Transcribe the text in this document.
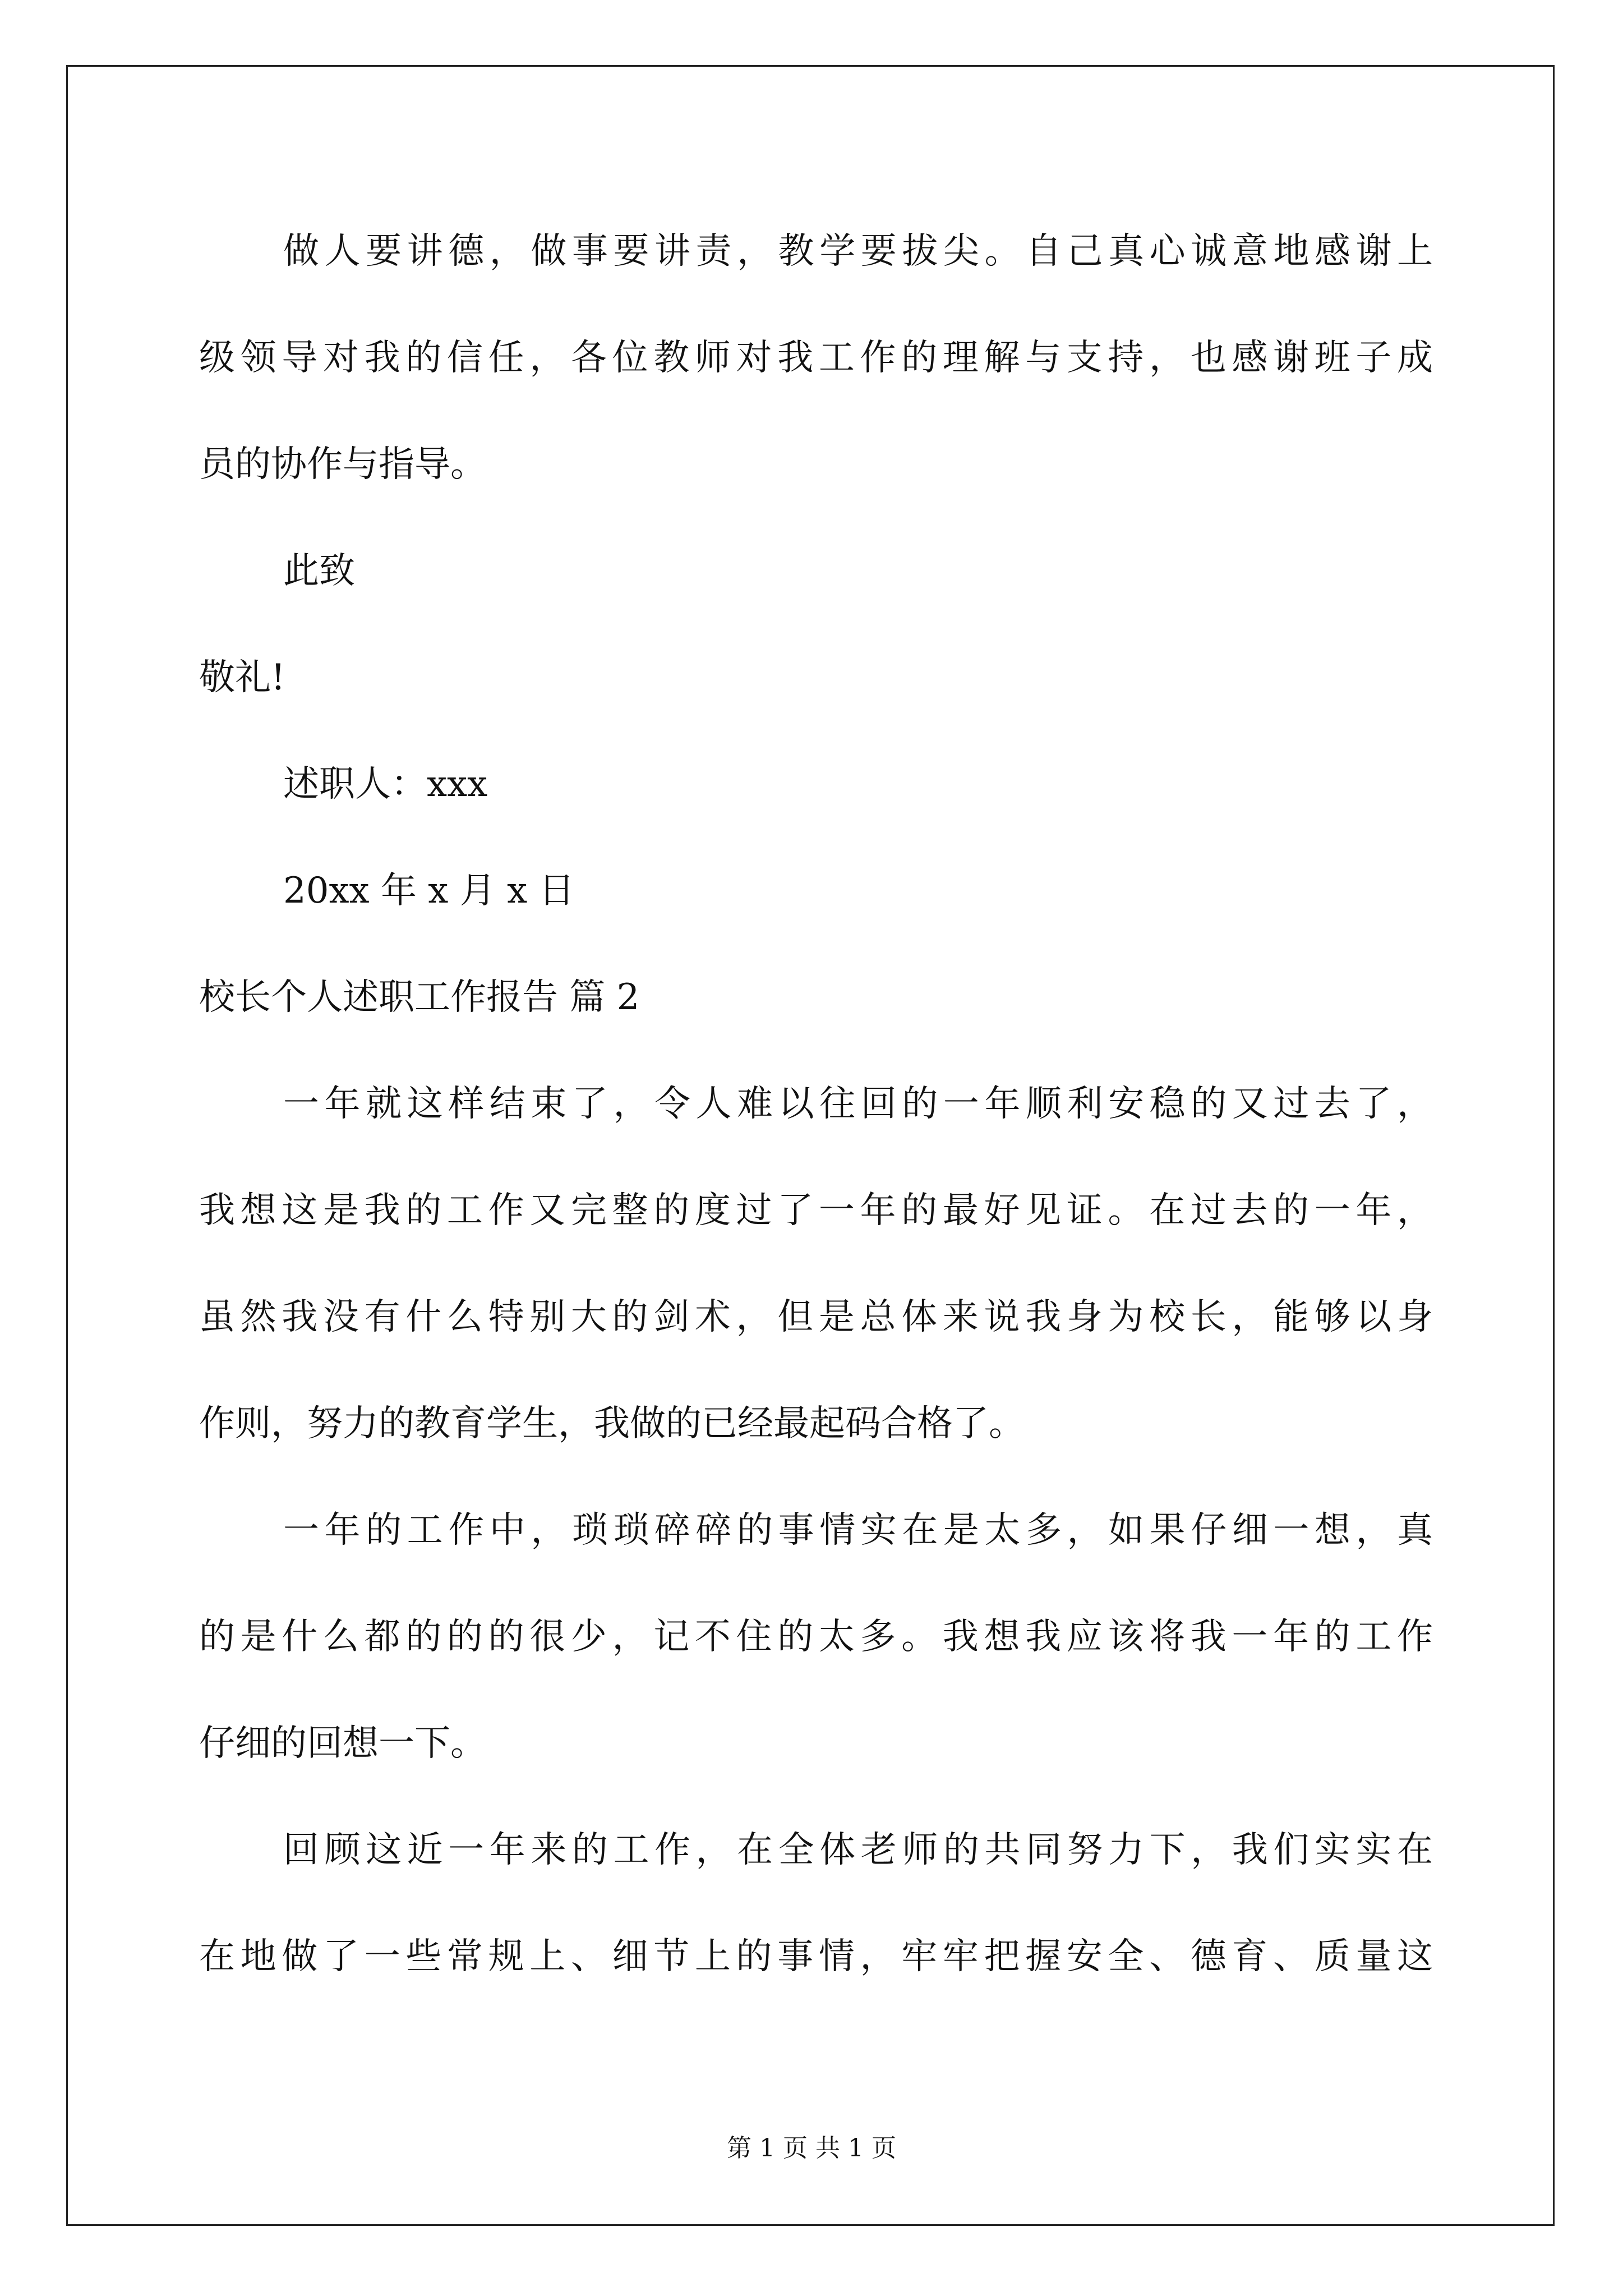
做人要讲德，做事要讲责，教学要拔尖。自己真心诚意地感谢上
级领导对我的信任，各位教师对我工作的理解与支持，也感谢班子成
员的协作与指导。
此致
敬礼!
述职人：xxx
20xx 年 x 月 x 日
校长个人述职工作报告 篇 2
一年就这样结束了，令人难以往回的一年顺利安稳的又过去了，
我想这是我的工作又完整的度过了一年的最好见证。在过去的一年，
虽然我没有什么特别大的剑术，但是总体来说我身为校长，能够以身
作则，努力的教育学生，我做的已经最起码合格了。
一年的工作中，琐琐碎碎的事情实在是太多，如果仔细一想，真
的是什么都的的的很少，记不住的太多。我想我应该将我一年的工作
仔细的回想一下。
回顾这近一年来的工作，在全体老师的共同努力下，我们实实在
在地做了一些常规上、细节上的事情，牢牢把握安全、德育、质量这
第 1 页 共 1 页
